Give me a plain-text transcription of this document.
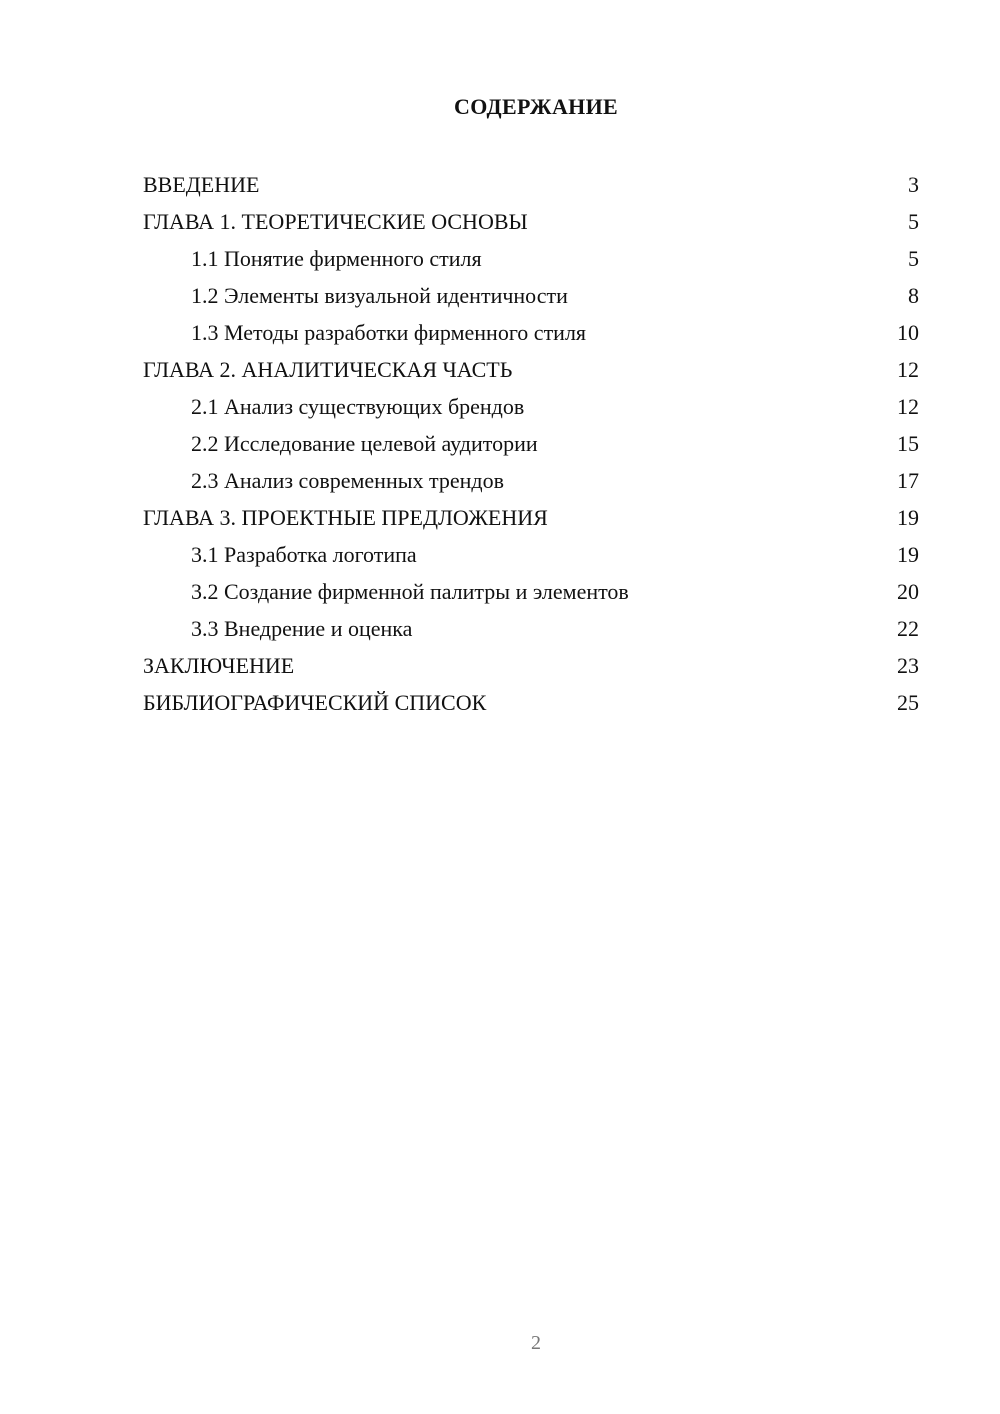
СОДЕРЖАНИЕ
ВВЕДЕНИЕ	3
ГЛАВА 1. ТЕОРЕТИЧЕСКИЕ ОСНОВЫ	5
1.1 Понятие фирменного стиля	5
1.2 Элементы визуальной идентичности	8
1.3 Методы разработки фирменного стиля	10
ГЛАВА 2. АНАЛИТИЧЕСКАЯ ЧАСТЬ	12
2.1 Анализ существующих брендов	12
2.2 Исследование целевой аудитории	15
2.3 Анализ современных трендов	17
ГЛАВА 3. ПРОЕКТНЫЕ ПРЕДЛОЖЕНИЯ	19
3.1 Разработка логотипа	19
3.2 Создание фирменной палитры и элементов	20
3.3 Внедрение и оценка	22
ЗАКЛЮЧЕНИЕ	23
БИБЛИОГРАФИЧЕСКИЙ СПИСОК	25
2
